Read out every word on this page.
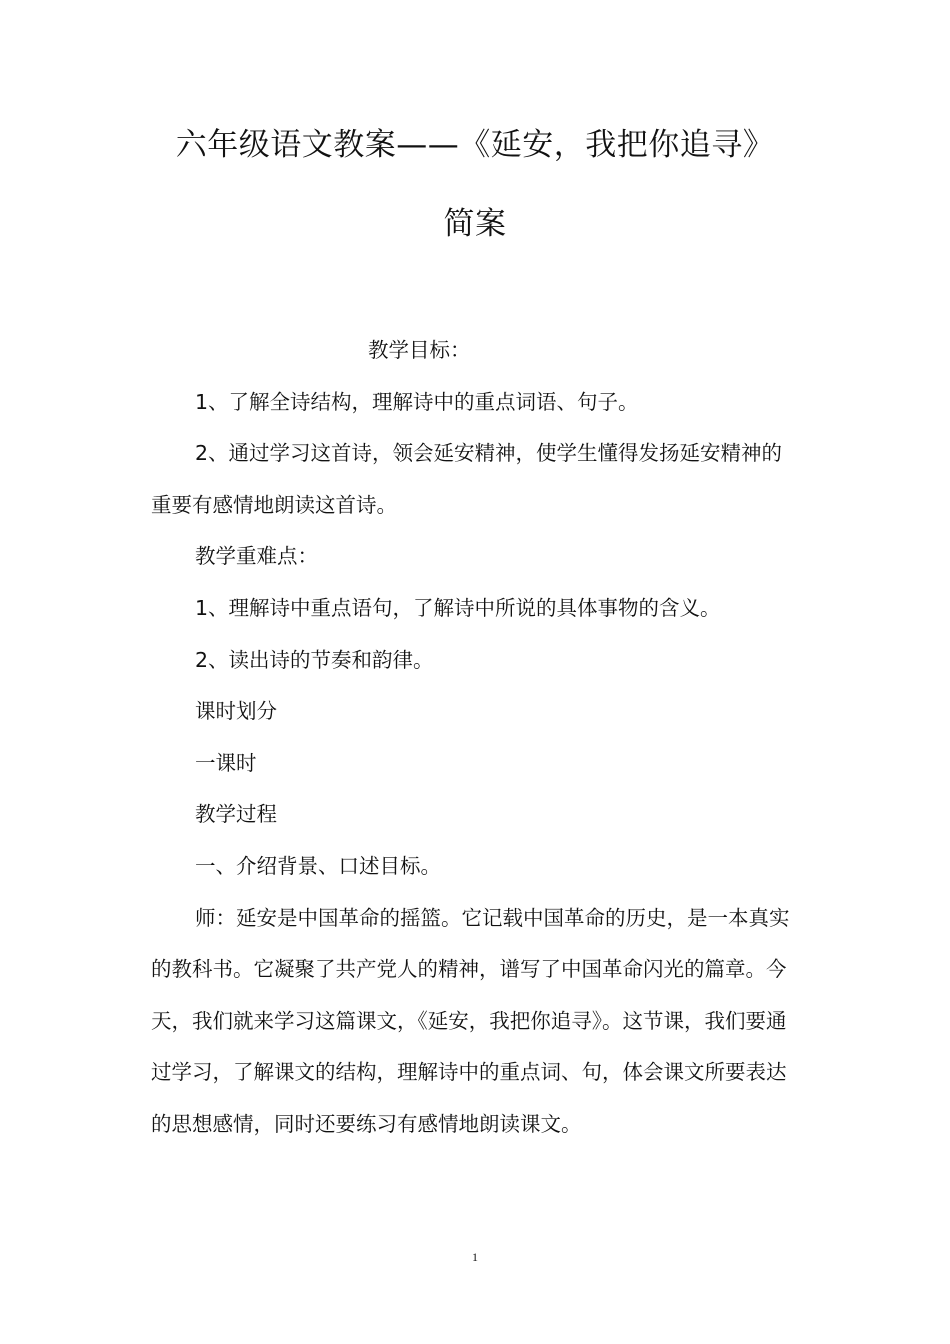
六年级语文教案——《延安，我把你追寻》
简案

教学目标：

1、了解全诗结构，理解诗中的重点词语、句子。

2、通过学习这首诗，领会延安精神，使学生懂得发扬延安精神的重要有感情地朗读这首诗。

教学重难点：

1、理解诗中重点语句，了解诗中所说的具体事物的含义。

2、读出诗的节奏和韵律。

课时划分

一课时

教学过程

一、介绍背景、口述目标。

师：延安是中国革命的摇篮。它记载中国革命的历史，是一本真实的教科书。它凝聚了共产党人的精神，谱写了中国革命闪光的篇章。今天，我们就来学习这篇课文，《延安，我把你追寻》。这节课，我们要通过学习，了解课文的结构，理解诗中的重点词、句，体会课文所要表达的思想感情，同时还要练习有感情地朗读课文。

1
